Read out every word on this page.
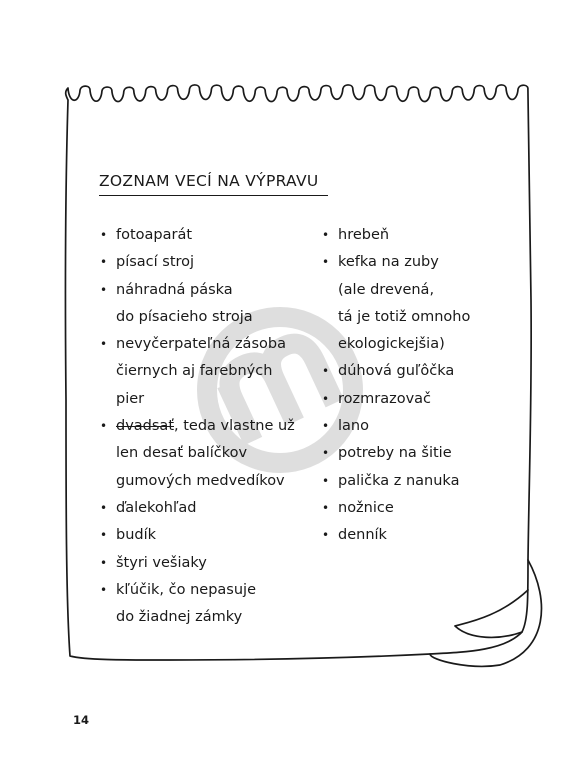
ZOZNAM VECÍ NA VÝPRAVU
• fotoaparát
• písací stroj
• náhradná páska
do písacieho stroja
• nevyčerpateľná zásoba
čiernych aj farebných
pier
• dvadsať, teda vlastne už
len desať balíčkov
gumových medvedíkov
• ďalekohľad
• budík
• štyri vešiaky
• kľúčik, čo nepasuje
do žiadnej zámky
• hrebeň
• kefka na zuby
(ale drevená,
tá je totiž omnoho
ekologickejšia)
• dúhová guľôčka
• rozmrazovač
• lano
• potreby na šitie
• palička z nanuka
• nožnice
• denník
14
